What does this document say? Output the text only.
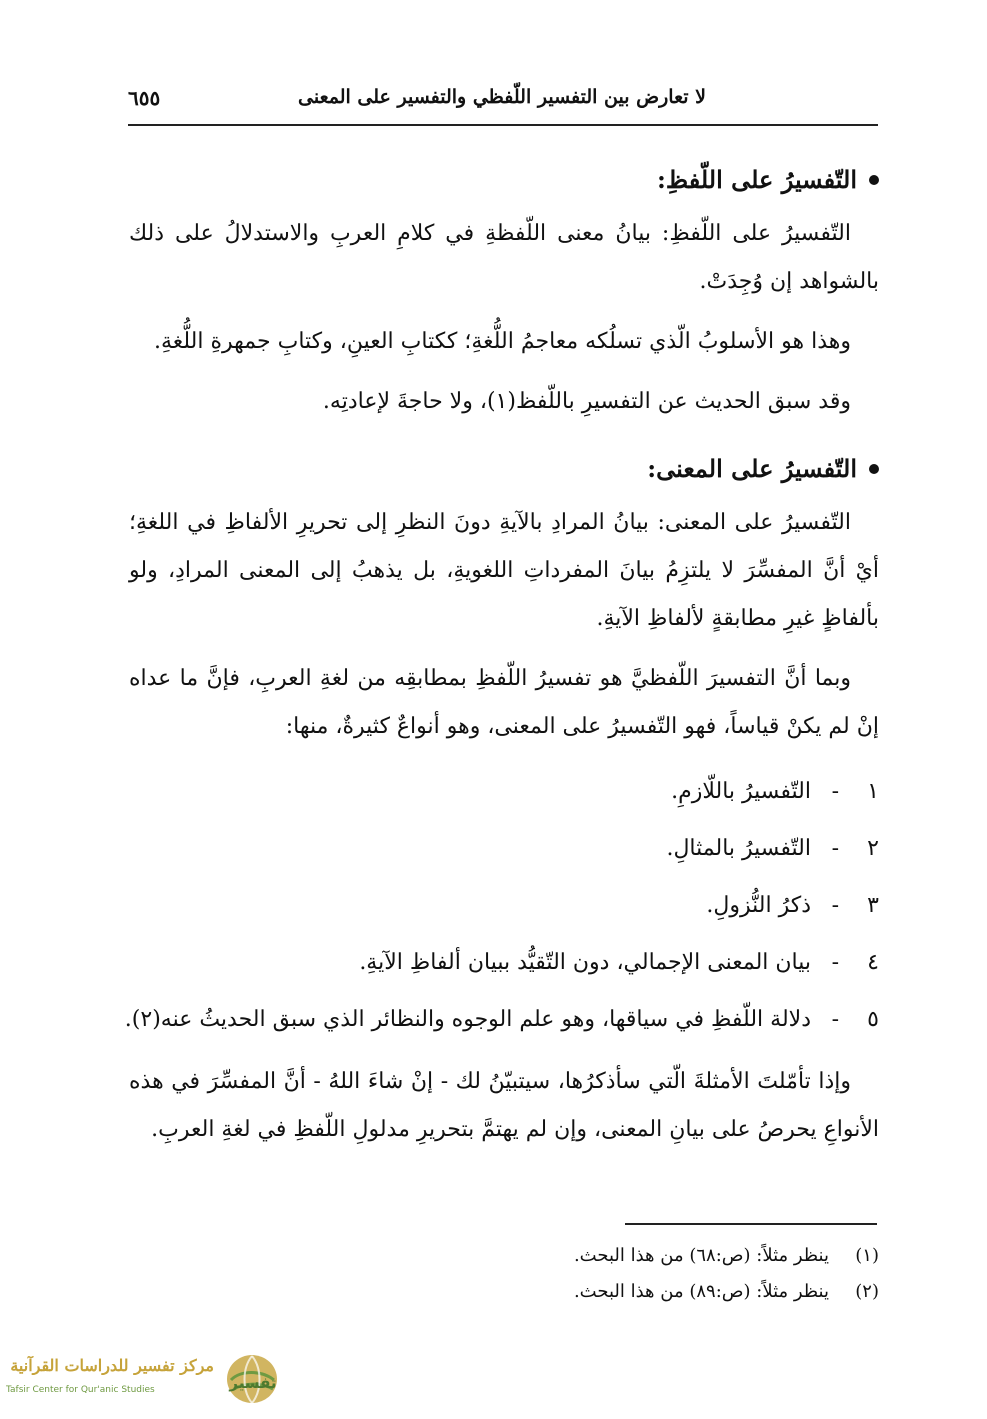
لا تعارض بين التفسير اللّفظي والتفسير على المعنى
٦٥٥
التّفسيرُ على اللّفظِ:

التّفسيرُ على اللّفظِ: بيانُ معنى اللّفظةِ في كلامِ العربِ والاستدلالُ على ذلك بالشواهد إن وُجِدَتْ.

وهذا هو الأسلوبُ الّذي تسلُكه معاجمُ اللُّغةِ؛ ككتابِ العينِ، وكتابِ جمهرةِ اللُّغةِ.

وقد سبق الحديث عن التفسيرِ باللّفظ(١)، ولا حاجةَ لإعادتِه.

التّفسيرُ على المعنى:

التّفسيرُ على المعنى: بيانُ المرادِ بالآيةِ دونَ النظرِ إلى تحريرِ الألفاظِ في اللغةِ؛ أيْ أنَّ المفسِّرَ لا يلتزِمُ بيانَ المفرداتِ اللغويةِ، بل يذهبُ إلى المعنى المرادِ، ولو بألفاظٍ غيرِ مطابقةٍ لألفاظِ الآيةِ.

وبما أنَّ التفسيرَ اللّفظيَّ هو تفسيرُ اللّفظِ بمطابقِه من لغةِ العربِ، فإنَّ ما عداه إنْ لم يكنْ قياساً، فهو التّفسيرُ على المعنى، وهو أنواعٌ كثيرةٌ، منها:

١
-
التّفسيرُ باللّازمِ.
٢
-
التّفسيرُ بالمثالِ.
٣
-
ذكرُ النُّزولِ.
٤
-
بيان المعنى الإجمالي، دون التّقيُّد ببيان ألفاظِ الآيةِ.
٥
-
دلالة اللّفظِ في سياقها، وهو علم الوجوه والنظائر الذي سبق الحديثُ عنه(٢).

وإذا تأمّلتَ الأمثلةَ الّتي سأذكرُها، سيتبيّنُ لك - إنْ شاءَ اللهُ - أنَّ المفسِّرَ في هذه الأنواعِ يحرصُ على بيانِ المعنى، وإن لم يهتمَّ بتحريرِ مدلولِ اللّفظِ في لغةِ العربِ.

(١)
ينظر مثلاً: (ص:٦٨) من هذا البحث.
(٢)
ينظر مثلاً: (ص:٨٩) من هذا البحث.
مركز تفسير للدراسات القرآنية
Tafsir Center for Qur'anic Studies	تفسير
